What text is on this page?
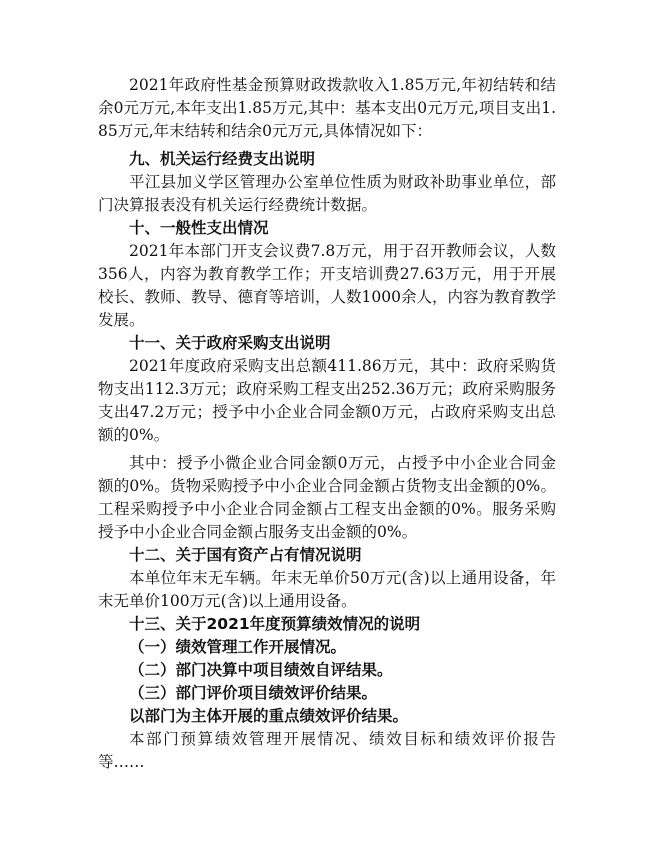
2021年政府性基金预算财政拨款收入1.85万元,年初结转和结余0元万元,本年支出1.85万元,其中：基本支出0元万元,项目支出1.85万元,年末结转和结余0元万元,具体情况如下：

九、机关运行经费支出说明

平江县加义学区管理办公室单位性质为财政补助事业单位，部门决算报表没有机关运行经费统计数据。

十、一般性支出情况

2021年本部门开支会议费7.8万元，用于召开教师会议，人数356人，内容为教育教学工作；开支培训费27.63万元，用于开展校长、教师、教导、德育等培训，人数1000余人，内容为教育教学发展。

十一、关于政府采购支出说明

2021年度政府采购支出总额411.86万元，其中：政府采购货物支出112.3万元；政府采购工程支出252.36万元；政府采购服务支出47.2万元；授予中小企业合同金额0万元，占政府采购支出总额的0%。

其中：授予小微企业合同金额0万元，占授予中小企业合同金额的0%。货物采购授予中小企业合同金额占货物支出金额的0%。工程采购授予中小企业合同金额占工程支出金额的0%。服务采购授予中小企业合同金额占服务支出金额的0%。

十二、关于国有资产占有情况说明

本单位年末无车辆。年末无单价50万元(含)以上通用设备，年末无单价100万元(含)以上通用设备。

十三、关于2021年度预算绩效情况的说明

（一）绩效管理工作开展情况。

（二）部门决算中项目绩效自评结果。

（三）部门评价项目绩效评价结果。

以部门为主体开展的重点绩效评价结果。

本部门预算绩效管理开展情况、绩效目标和绩效评价报告等……
